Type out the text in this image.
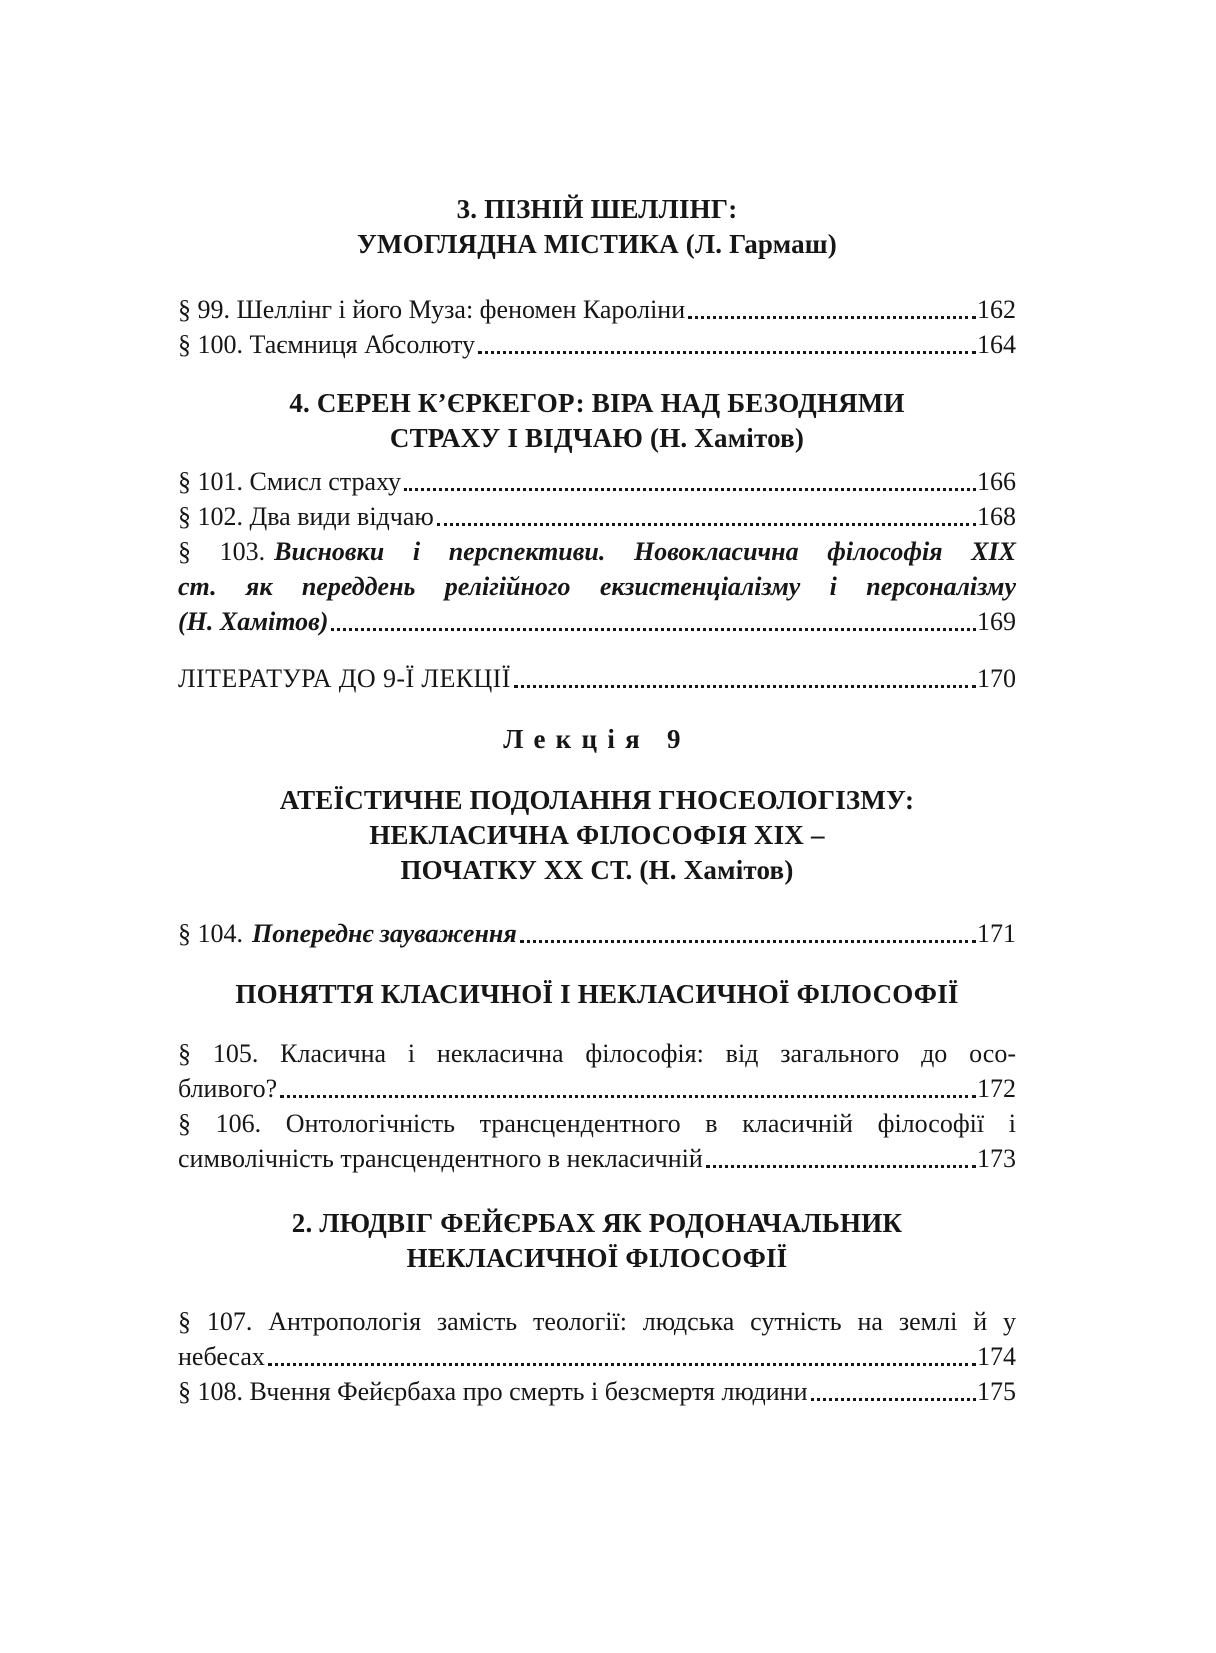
3. ПІЗНІЙ ШЕЛЛІНГ:
УМОГЛЯДНА МІСТИКА (Л. Гармаш)
§ 99. Шеллінг і його Муза: феномен Кароліни	162
§ 100. Таємниця Абсолюту	164
4. СЕРЕН К’ЄРКЕГОР: ВІРА НАД БЕЗОДНЯМИ
СТРАХУ І ВІДЧАЮ (Н. Хамітов)
§ 101. Смисл страху	166
§ 102. Два види відчаю	168
§ 103. Висновки і перспективи. Новокласична філософія XIX
ст. як переддень релігійного екзистенціалізму і персоналізму
(Н. Хамітов)	169
ЛІТЕРАТУРА ДО 9-Ї ЛЕКЦІЇ	170
Лекція 9
АТЕЇСТИЧНЕ ПОДОЛАННЯ ГНОСЕОЛОГІЗМУ:
НЕКЛАСИЧНА ФІЛОСОФІЯ XIX –
ПОЧАТКУ XX СТ. (Н. Хамітов)
§ 104. Попереднє зауваження	171
ПОНЯТТЯ КЛАСИЧНОЇ І НЕКЛАСИЧНОЇ ФІЛОСОФІЇ
§ 105. Класична і некласична філософія: від загального до осо-
бливого?	172
§ 106. Онтологічність трансцендентного в класичній філософії і
символічність трансцендентного в некласичній	173
2. ЛЮДВІГ ФЕЙЄРБАХ ЯК РОДОНАЧАЛЬНИК
НЕКЛАСИЧНОЇ ФІЛОСОФІЇ
§ 107. Антропологія замість теології: людська сутність на землі й у
небесах	174
§ 108. Вчення Фейєрбаха про смерть і безсмертя людини	175
